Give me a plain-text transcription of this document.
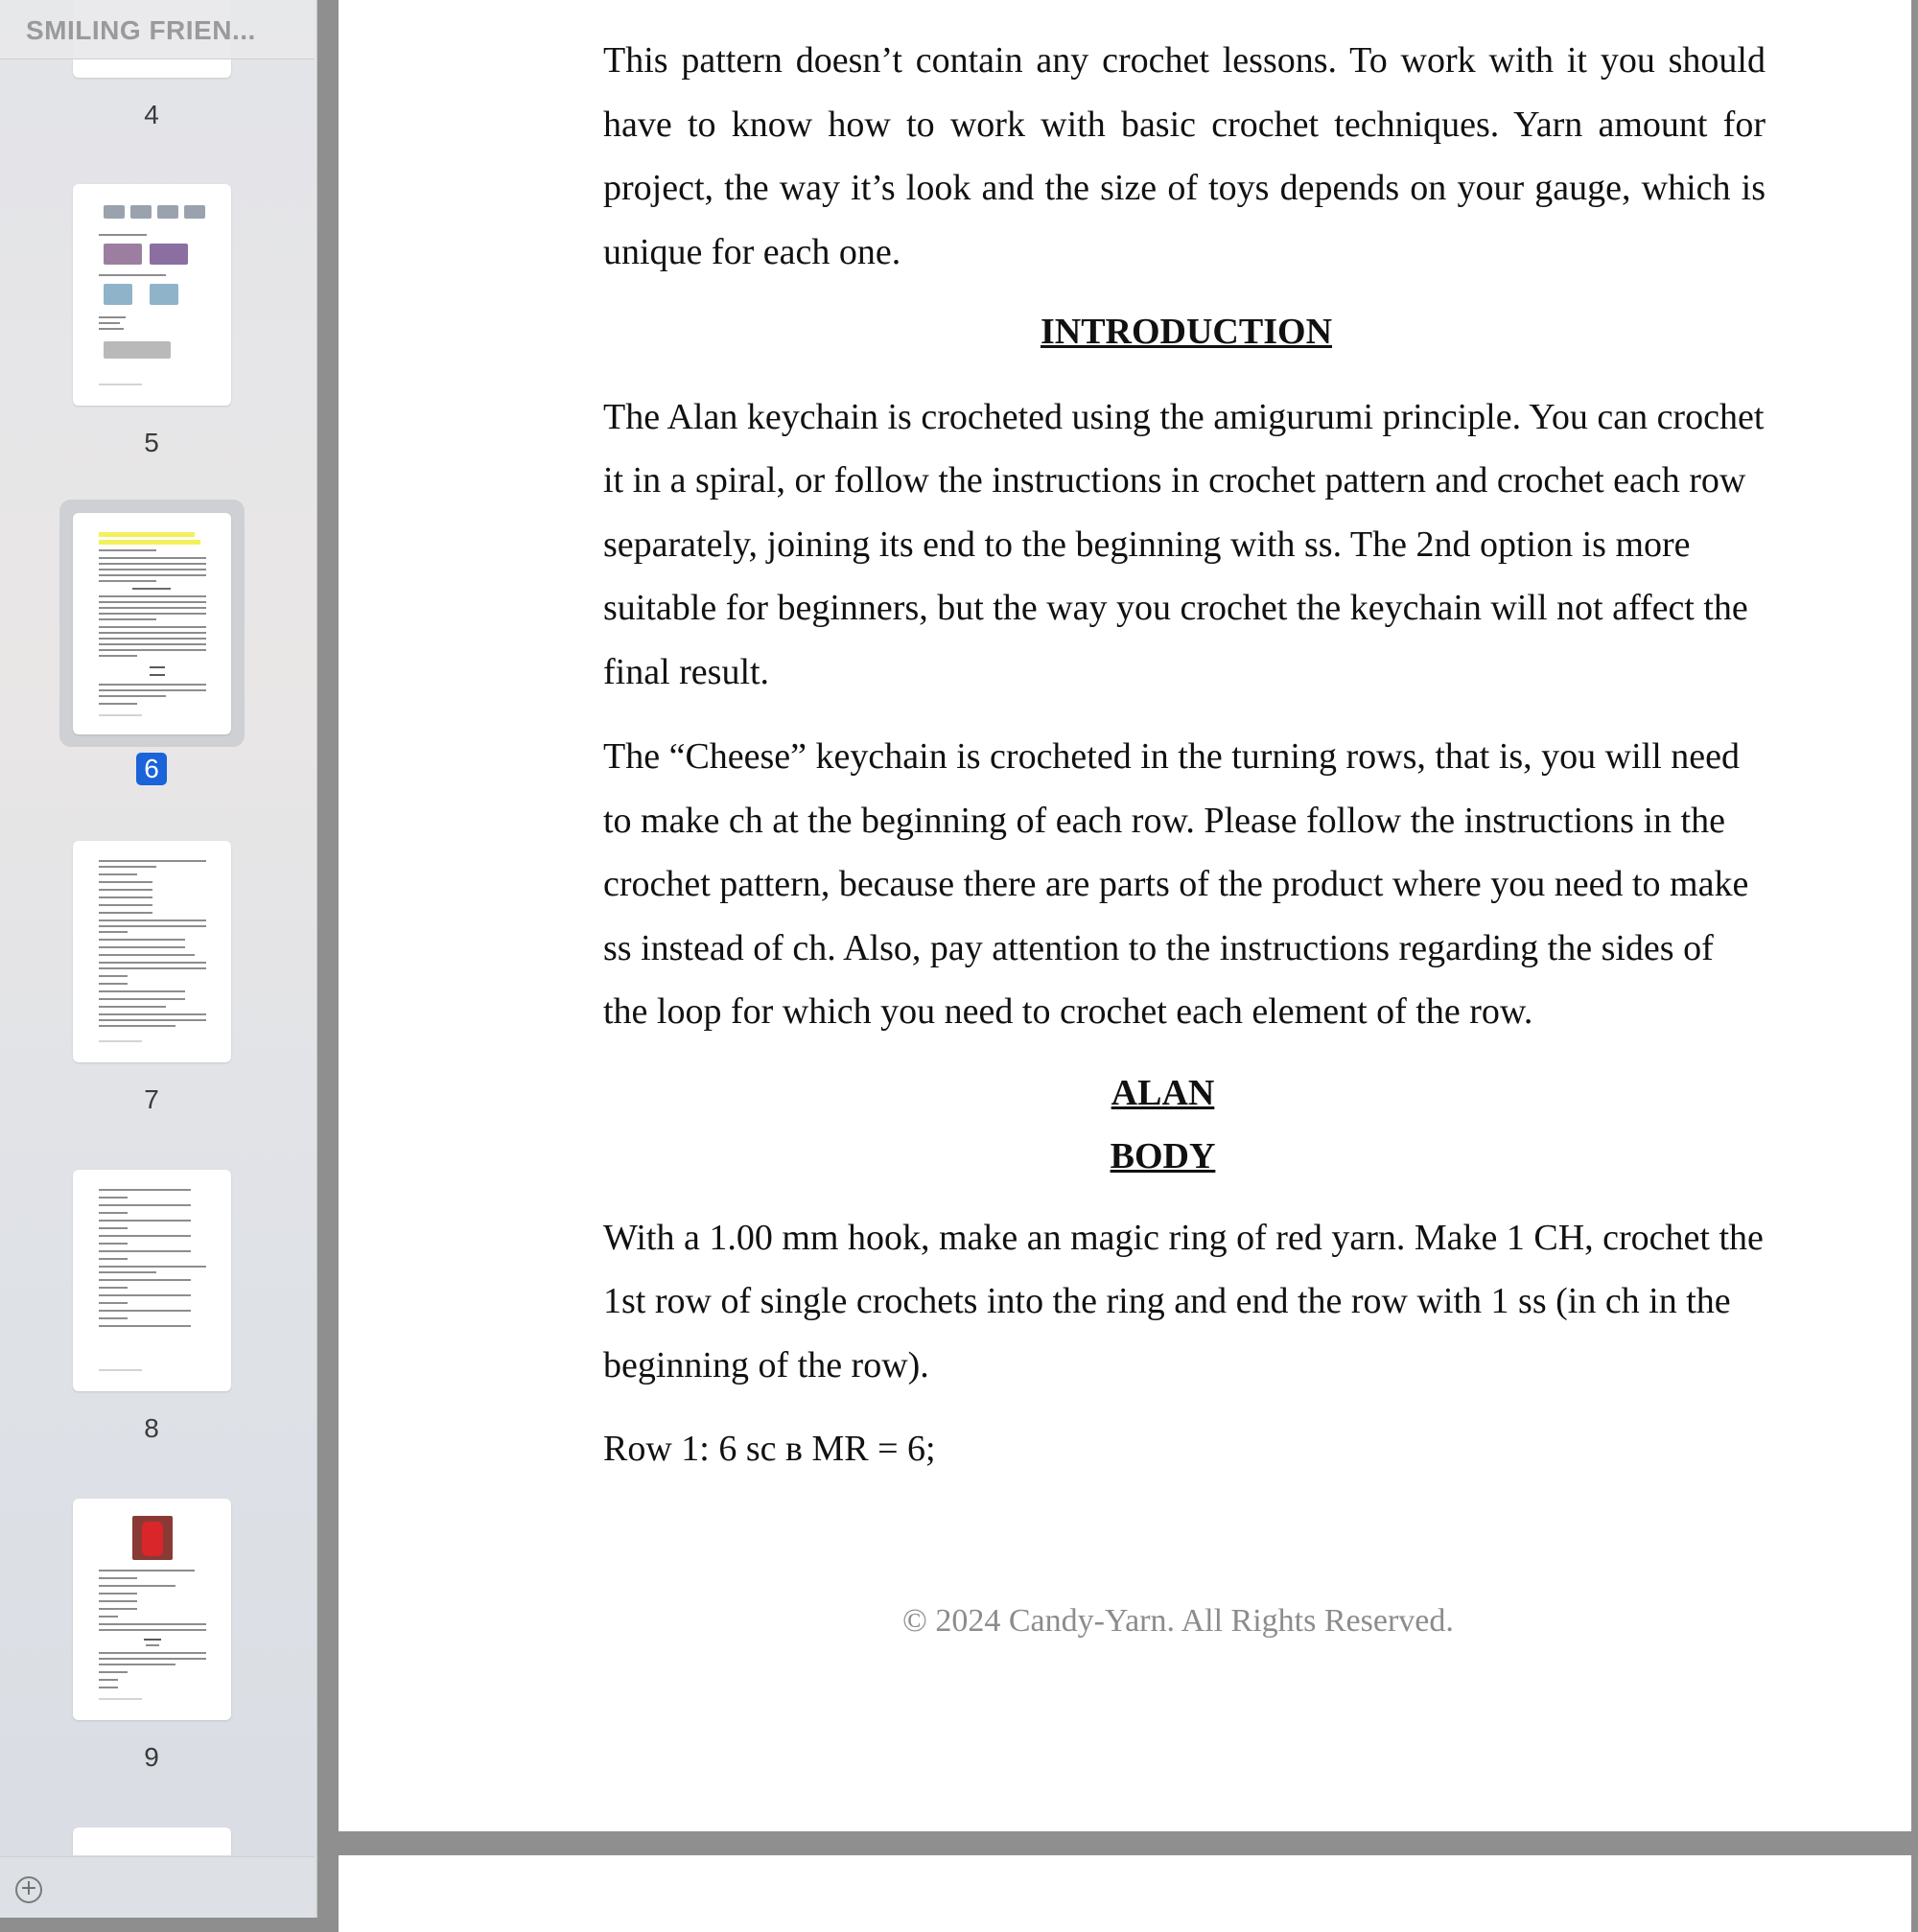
SMILING FRIEN...
4
5
6
7
8
9
+

This pattern doesn’t contain any crochet lessons. To work with it you should have to know how to work with basic crochet techniques. Yarn amount for project, the way it’s look and the size of toys depends on your gauge, which is unique for each one.

INTRODUCTION

The Alan keychain is crocheted using the amigurumi principle. You can crochet it in a spiral, or follow the instructions in crochet pattern and crochet each row separately, joining its end to the beginning with ss. The 2nd option is more suitable for beginners, but the way you crochet the keychain will not affect the final result.

The “Cheese” keychain is crocheted in the turning rows, that is, you will need to make ch at the beginning of each row. Please follow the instructions in the crochet pattern, because there are parts of the product where you need to make ss instead of ch. Also, pay attention to the instructions regarding the sides of the loop for which you need to crochet each element of the row.

ALAN

BODY

With a 1.00 mm hook, make an magic ring of red yarn. Make 1 CH, crochet the 1st row of single crochets into the ring and end the row with 1 ss (in ch in the beginning of the row).

Row 1: 6 sc в MR = 6;

© 2024 Candy-Yarn. All Rights Reserved.
